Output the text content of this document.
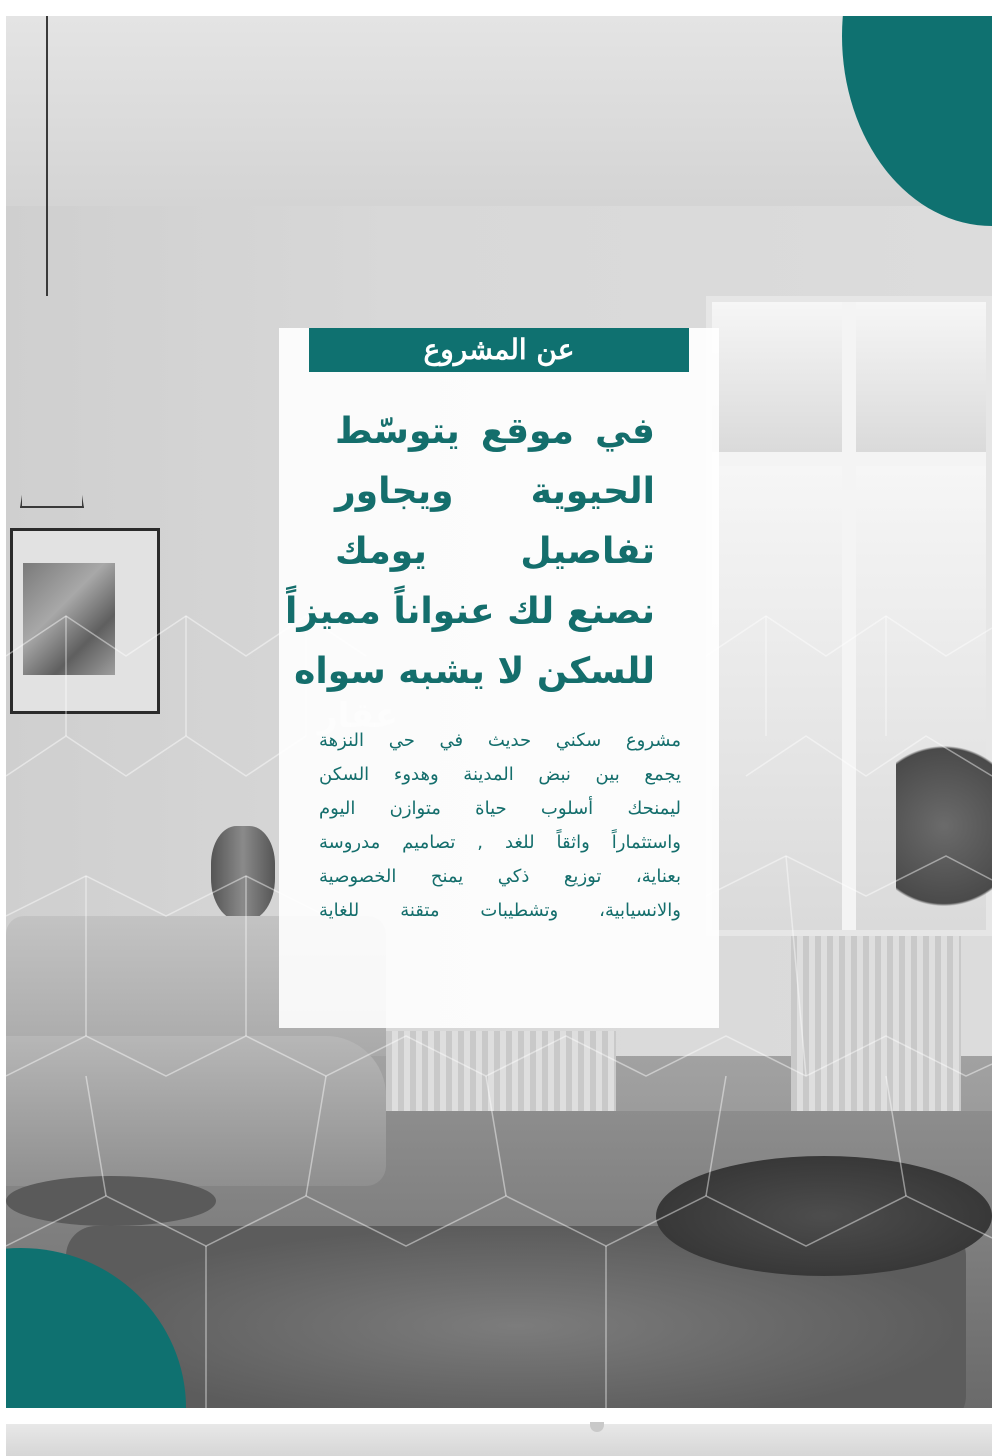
عن المشروع
في موقع يتوسّط
الحيوية ويجاور
تفاصيل يومك
نصنع لك عنواناً مميزاً
للسكن لا يشبه سواه
مشروع سكني حديث في حي النزهة
يجمع بين نبض المدينة وهدوء السكن
ليمنحك أسلوب حياة متوازن اليوم
واستثماراً واثقاً للغد , تصاميم مدروسة
بعناية، توزيع ذكي يمنح الخصوصية
والانسيابية، وتشطيبات متقنة للغاية
